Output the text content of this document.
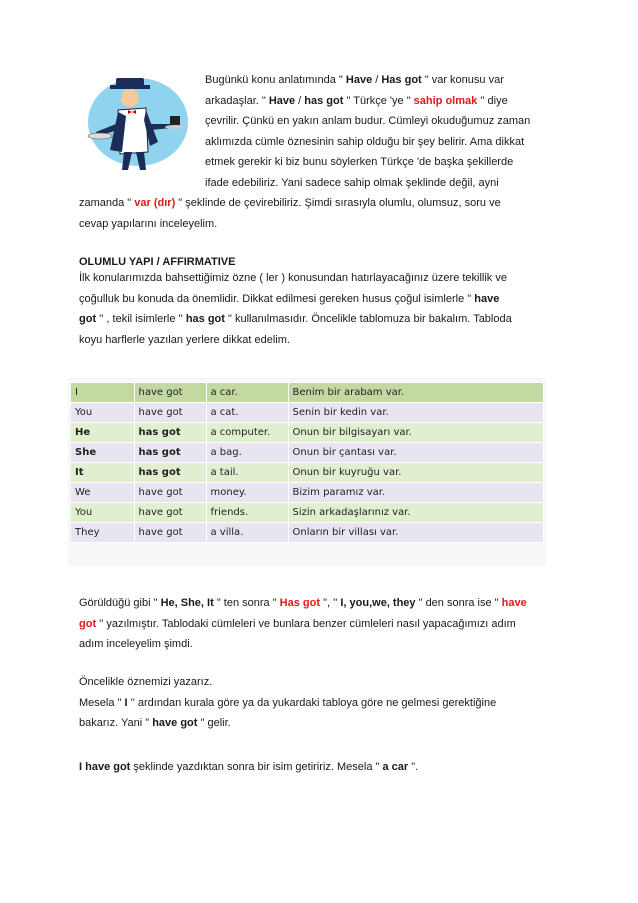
Bugünkü konu anlatımında " Have / Has got " var konusu var
arkadaşlar. " Have / has got " Türkçe 'ye " sahip olmak '' diye
çevrilir. Çünkü en yakın anlam budur. Cümleyi okuduğumuz zaman
aklımızda cümle öznesinin sahip olduğu bir şey belirir. Ama dikkat
etmek gerekir ki biz bunu söylerken Türkçe 'de başka şekillerde
ifade edebiliriz. Yani sadece sahip olmak şeklinde değil, ayni
zamanda " var (dır) " şeklinde de çevirebiliriz. Şimdi sırasıyla olumlu, olumsuz, soru ve
cevap yapılarını inceleyelim.
OLUMLU YAPI / AFFIRMATIVE
İlk konularımızda bahsettiğimiz özne ( ler ) konusundan hatırlayacağınız üzere tekillik ve
çoğulluk bu konuda da önemlidir. Dikkat edilmesi gereken husus çoğul isimlerle " have
got '' , tekil isimlerle '' has got " kullanılmasıdır. Öncelikle tablomuza bir bakalım. Tabloda
koyu harflerle yazılan yerlere dikkat edelim.
I	have got	a car.	Benim bir arabam var.
You	have got	a cat.	Senin bir kedin var.
He	has got	a computer.	Onun bir bilgisayarı var.
She	has got	a bag.	Onun bir çantası var.
It	has got	a tail.	Onun bir kuyruğu var.
We	have got	money.	Bizim paramız var.
You	have got	friends.	Sizin arkadaşlarınız var.
They	have got	a villa.	Onların bir villası var.
Görüldüğü gibi " He, She, It " ten sonra " Has got ", '' I, you,we, they " den sonra ise " have
got '' yazılmıştır. Tablodaki cümleleri ve bunlara benzer cümleleri nasıl yapacağımızı adım
adım inceleyelim şimdi.
Öncelikle öznemizi yazarız.
Mesela " I '' ardından kurala göre ya da yukardaki tabloya göre ne gelmesi gerektiğine
bakarız. Yani " have got " gelir.
I have got şeklinde yazdıktan sonra bir isim getiririz. Mesela " a car ".
